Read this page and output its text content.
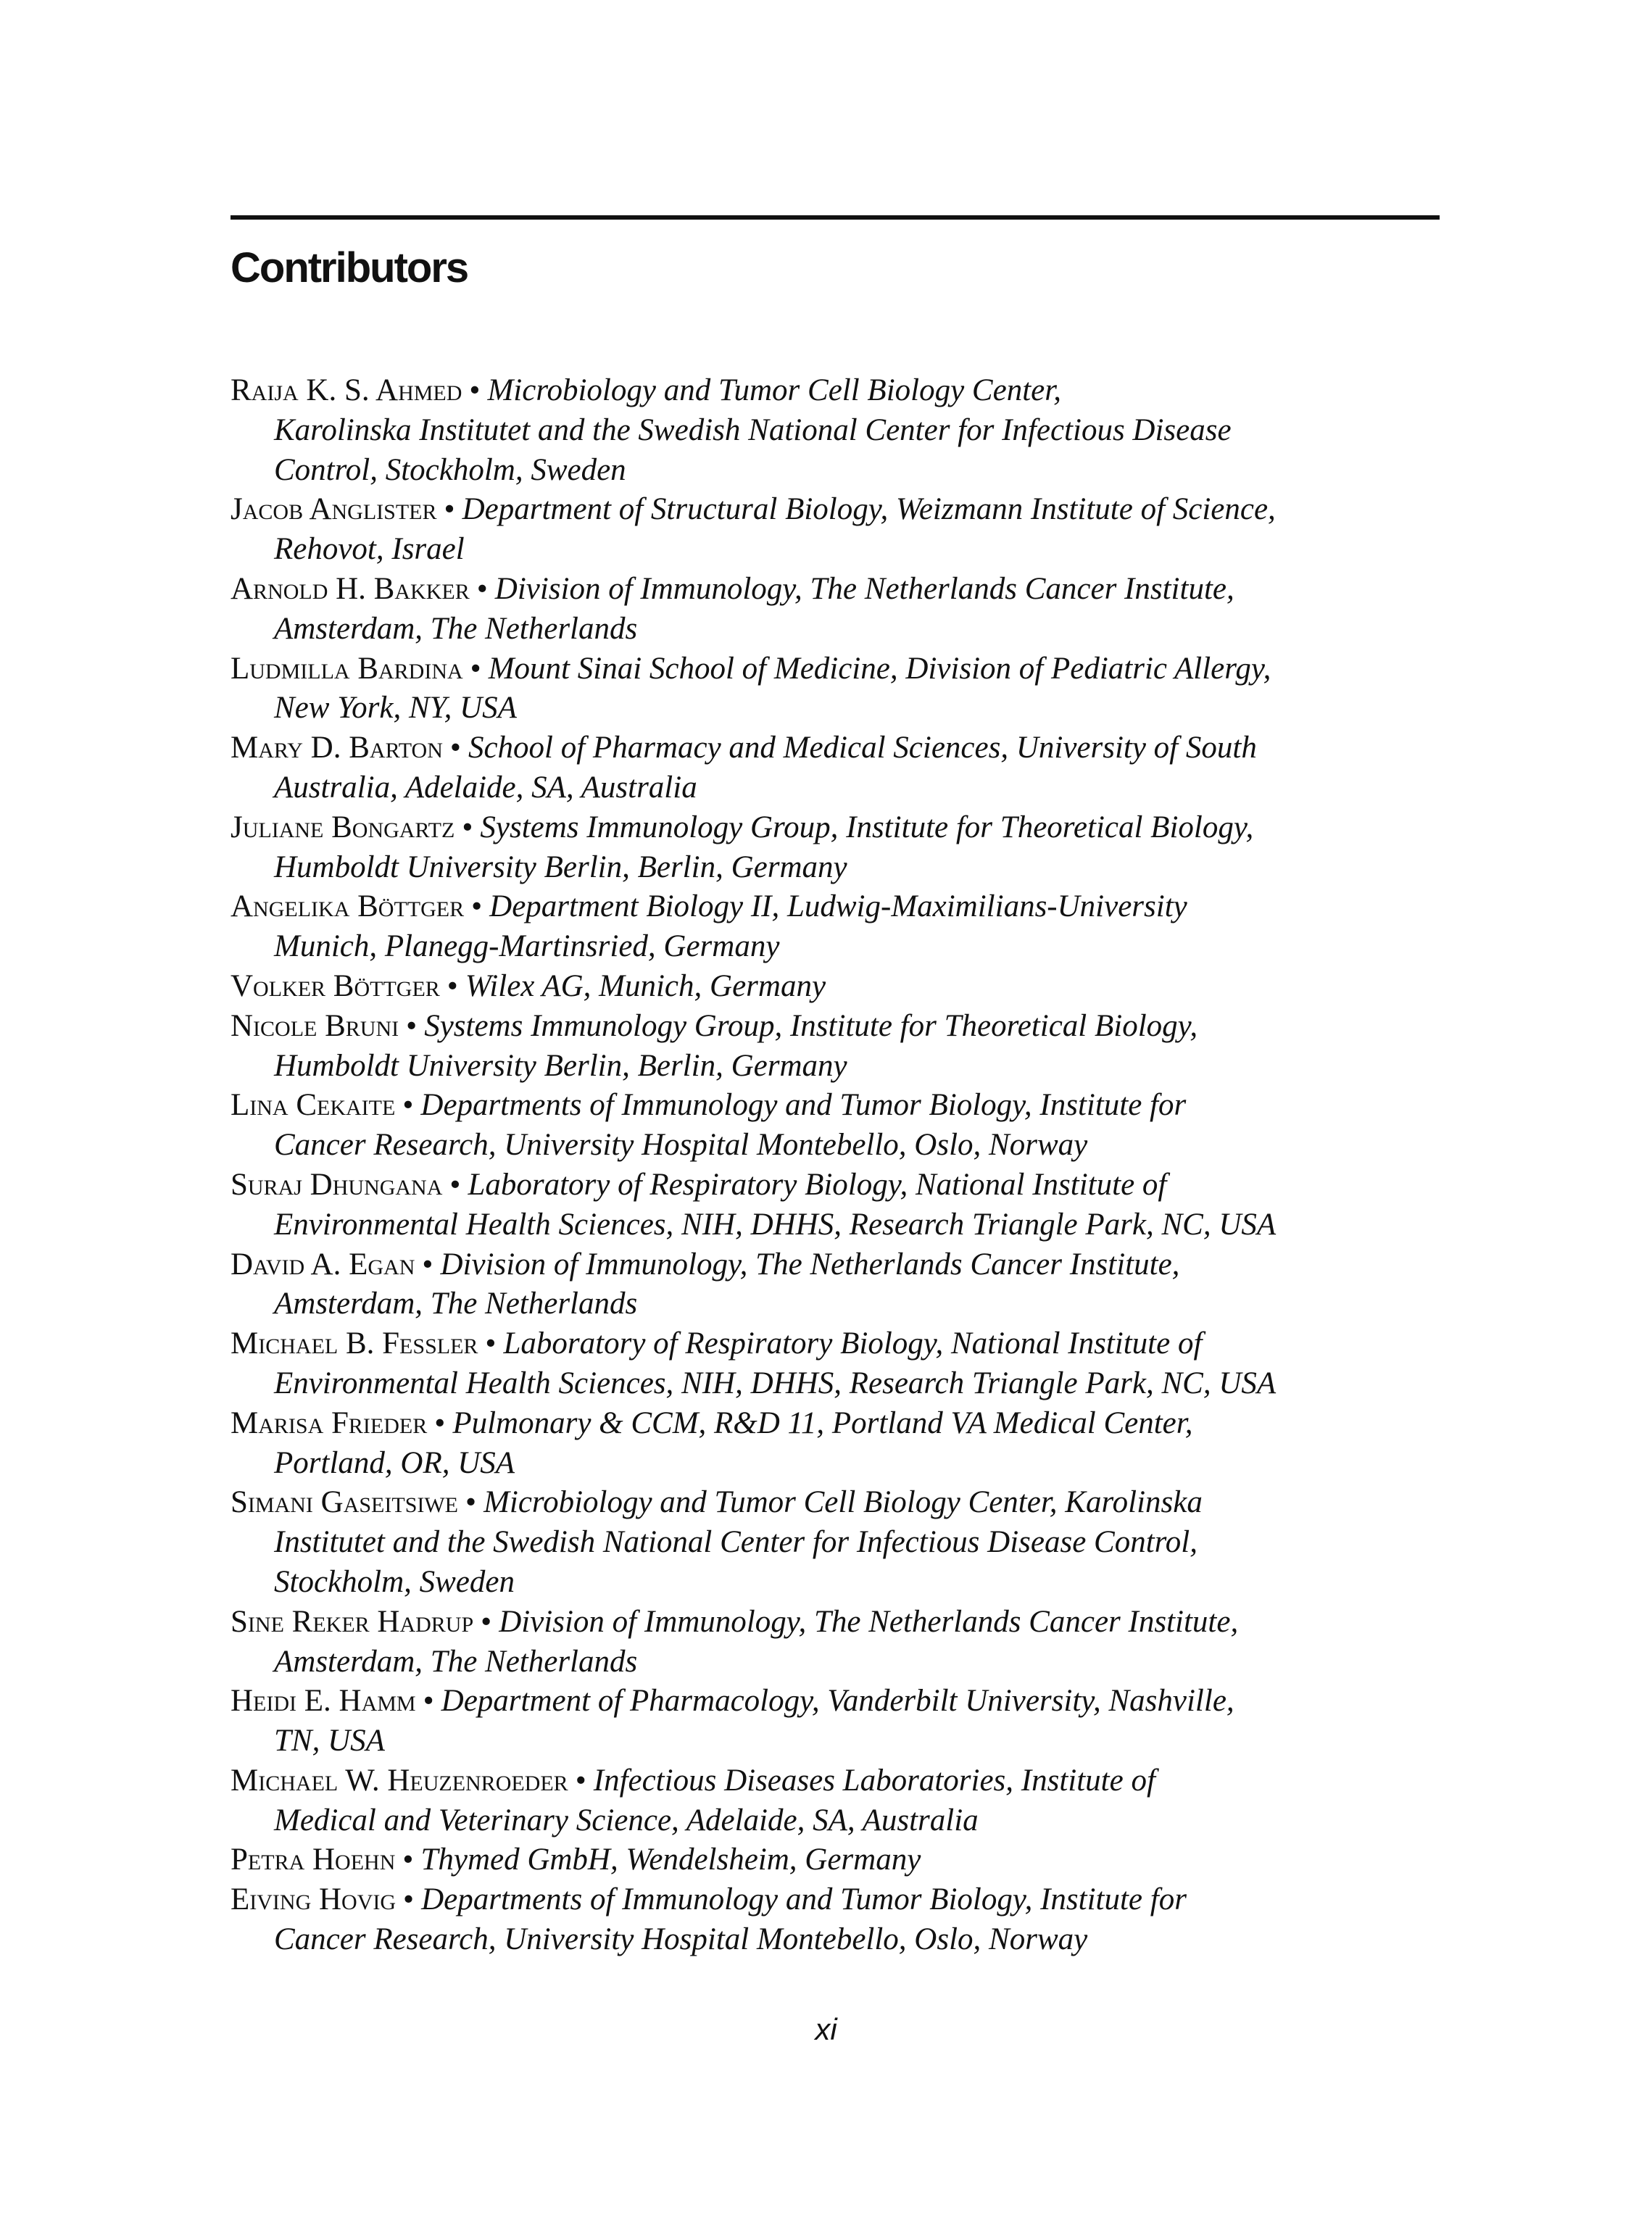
Contributors
Raija K. S. Ahmed • Microbiology and Tumor Cell Biology Center,
Karolinska Institutet and the Swedish National Center for Infectious Disease
Control, Stockholm, Sweden
Jacob Anglister • Department of Structural Biology, Weizmann Institute of Science,
Rehovot, Israel
Arnold H. Bakker • Division of Immunology, The Netherlands Cancer Institute,
Amsterdam, The Netherlands
Ludmilla Bardina • Mount Sinai School of Medicine, Division of Pediatric Allergy,
New York, NY, USA
Mary D. Barton • School of Pharmacy and Medical Sciences, University of South
Australia, Adelaide, SA, Australia
Juliane Bongartz • Systems Immunology Group, Institute for Theoretical Biology,
Humboldt University Berlin, Berlin, Germany
Angelika Böttger • Department Biology II, Ludwig-Maximilians-University
Munich, Planegg-Martinsried, Germany
Volker Böttger • Wilex AG, Munich, Germany
Nicole Bruni • Systems Immunology Group, Institute for Theoretical Biology,
Humboldt University Berlin, Berlin, Germany
Lina Cekaite • Departments of Immunology and Tumor Biology, Institute for
Cancer Research, University Hospital Montebello, Oslo, Norway
Suraj Dhungana • Laboratory of Respiratory Biology, National Institute of
Environmental Health Sciences, NIH, DHHS, Research Triangle Park, NC, USA
David A. Egan • Division of Immunology, The Netherlands Cancer Institute,
Amsterdam, The Netherlands
Michael B. Fessler • Laboratory of Respiratory Biology, National Institute of
Environmental Health Sciences, NIH, DHHS, Research Triangle Park, NC, USA
Marisa Frieder • Pulmonary & CCM, R&D 11, Portland VA Medical Center,
Portland, OR, USA
Simani Gaseitsiwe • Microbiology and Tumor Cell Biology Center, Karolinska
Institutet and the Swedish National Center for Infectious Disease Control,
Stockholm, Sweden
Sine Reker Hadrup • Division of Immunology, The Netherlands Cancer Institute,
Amsterdam, The Netherlands
Heidi E. Hamm • Department of Pharmacology, Vanderbilt University, Nashville,
TN, USA
Michael W. Heuzenroeder • Infectious Diseases Laboratories, Institute of
Medical and Veterinary Science, Adelaide, SA, Australia
Petra Hoehn • Thymed GmbH, Wendelsheim, Germany
Eiving Hovig • Departments of Immunology and Tumor Biology, Institute for
Cancer Research, University Hospital Montebello, Oslo, Norway
xi
